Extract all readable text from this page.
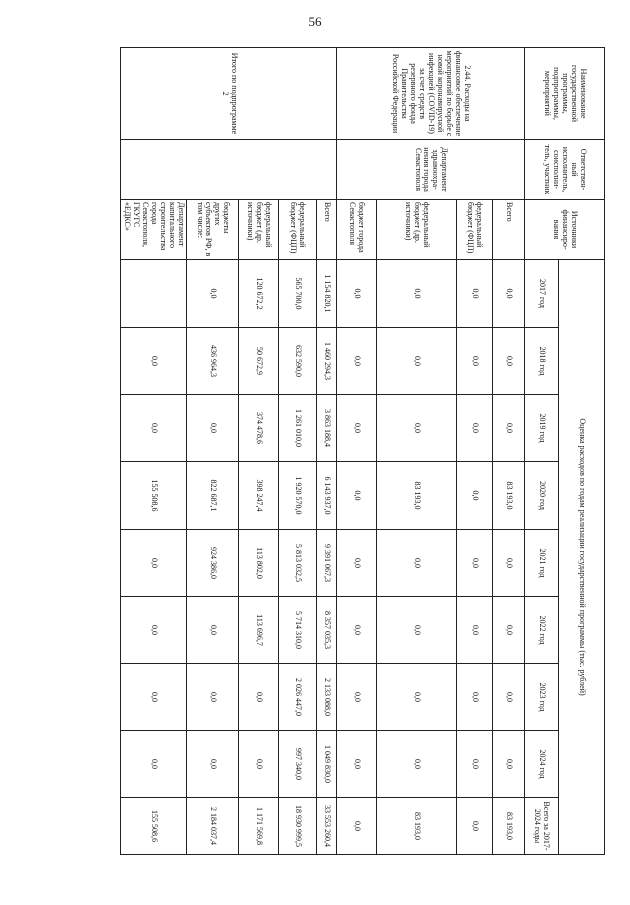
56
Наименование государственной программы, подпрограммы, мероприятий	Ответствен-ный исполнитель, соисполни-тель, участник	Источники финансиро-вания	Оценка расходов по годам реализации государственной программы (тыс. рублей)								
			2017 год	2018 год	2019 год	2020 год	2021 год	2022 год	2023 год	2024 год	Всего за 2017-2024 годы
2.44. Расходы на финансовое обеспечение мероприятий по борьбе с новой коронавирусной инфекцией (COVID-19) за счет средств резервного фонда Правительства Российской Федерации	Департамент здравоохра-нения города Севастополя	Всего	0,0	0,0	0,0	83 193,0	0,0	0,0	0,0	0,0	83 193,0
		федеральный бюджет (ФЦП)	0,0	0,0	0,0	0,0	0,0	0,0	0,0	0,0	0,0
		федеральный бюджет (др. источники)	0,0	0,0	0,0	83 193,0	0,0	0,0	0,0	0,0	83 193,0
		бюджет города Севастополя	0,0	0,0	0,0	0,0	0,0	0,0	0,0	0,0	0,0
Итого по подпрограмме 2		Всего	1 154 820,1	1 460 294,3	3 863 188,4	6 143 937,0	9 391 067,3	8 357 035,3	2 133 088,0	1 049 830,0	33 553 260,4
		федеральный бюджет (ФЦП)	565 700,0	632 590,0	1 261 010,0	1 920 570,0	5 813 032,5	5 714 310,0	2 026 447,0	997 340,0	18 930 999,5
		федеральный бюджет (др. источники)	120 672,2	50 672,9	374 478,6	398 247,4	113 802,0	113 696,7	0,0	0,0	1 171 569,8
		бюджеты других субъектов РФ, в том числе:	0,0	436 964,3	0,0	822 687,1	924 386,0	0,0	0,0	0,0	2 184 037,4
		Департамент капитального строительства города Севастополя, ГКУГС «ЕДКС»		0,0	0,0	155 508,6	0,0	0,0	0,0	0,0	155 508,6
